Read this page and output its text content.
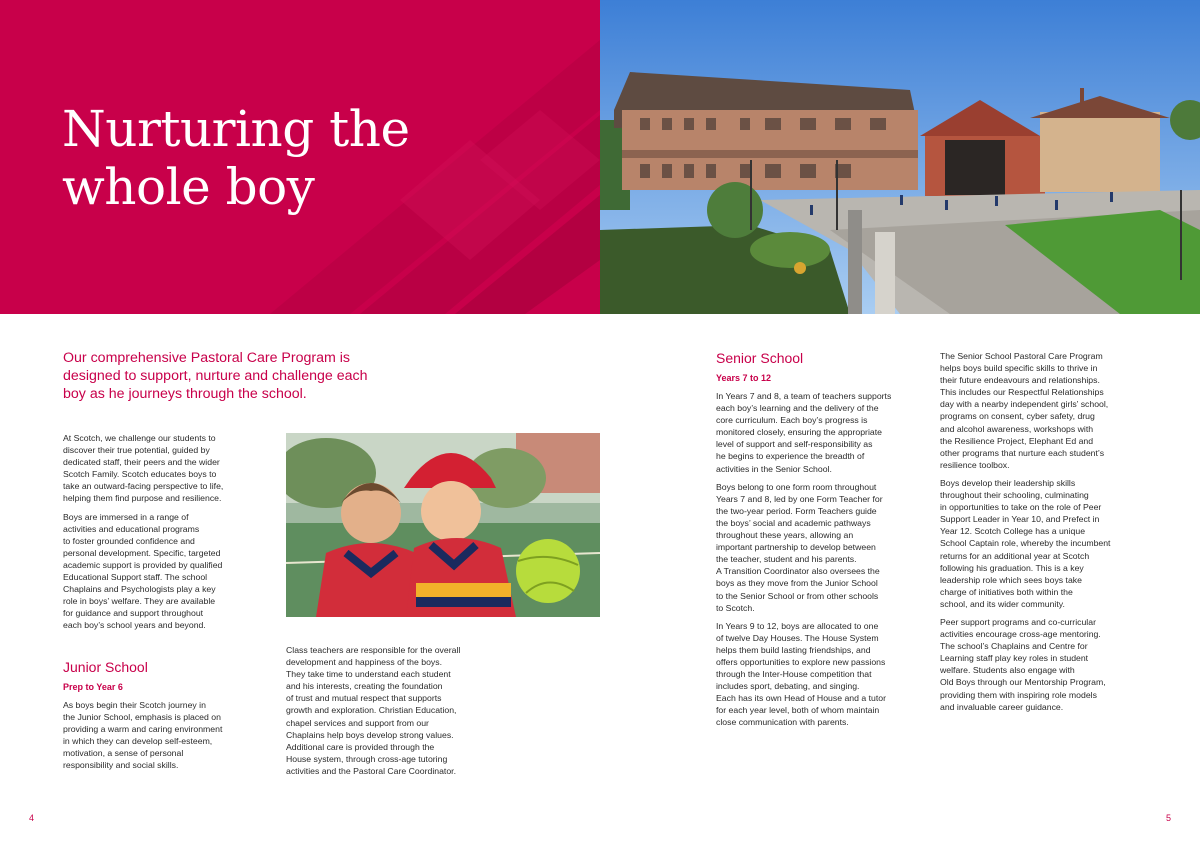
Nurturing the
whole boy
Our comprehensive Pastoral Care Program is designed to support, nurture and challenge each boy as he journeys through the school.

At Scotch, we challenge our students to
discover their true potential, guided by
dedicated staff, their peers and the wider
Scotch Family. Scotch educates boys to
take an outward-facing perspective to life,
helping them find purpose and resilience.

Boys are immersed in a range of
activities and educational programs
to foster grounded confidence and
personal development. Specific, targeted
academic support is provided by qualified
Educational Support staff. The school
Chaplains and Psychologists play a key
role in boys’ welfare. They are available
for guidance and support throughout
each boy’s school years and beyond.

Junior School
Prep to Year 6

As boys begin their Scotch journey in
the Junior School, emphasis is placed on
providing a warm and caring environment
in which they can develop self-esteem,
motivation, a sense of personal
responsibility and social skills.

Class teachers are responsible for the overall
development and happiness of the boys.
They take time to understand each student
and his interests, creating the foundation
of trust and mutual respect that supports
growth and exploration. Christian Education,
chapel services and support from our
Chaplains help boys develop strong values.
Additional care is provided through the
House system, through cross-age tutoring
activities and the Pastoral Care Coordinator.

Senior School
Years 7 to 12

In Years 7 and 8, a team of teachers supports
each boy’s learning and the delivery of the
core curriculum. Each boy’s progress is
monitored closely, ensuring the appropriate
level of support and self-responsibility as
he begins to experience the breadth of
activities in the Senior School.

Boys belong to one form room throughout
Years 7 and 8, led by one Form Teacher for
the two-year period. Form Teachers guide
the boys’ social and academic pathways
throughout these years, allowing an
important partnership to develop between
the teacher, student and his parents.
A Transition Coordinator also oversees the
boys as they move from the Junior School
to the Senior School or from other schools
to Scotch.

In Years 9 to 12, boys are allocated to one
of twelve Day Houses. The House System
helps them build lasting friendships, and
offers opportunities to explore new passions
through the Inter-House competition that
includes sport, debating, and singing.
Each has its own Head of House and a tutor
for each year level, both of whom maintain
close communication with parents.

The Senior School Pastoral Care Program
helps boys build specific skills to thrive in
their future endeavours and relationships.
This includes our Respectful Relationships
day with a nearby independent girls’ school,
programs on consent, cyber safety, drug
and alcohol awareness, workshops with
the Resilience Project, Elephant Ed and
other programs that nurture each student’s
resilience toolbox.

Boys develop their leadership skills
throughout their schooling, culminating
in opportunities to take on the role of Peer
Support Leader in Year 10, and Prefect in
Year 12. Scotch College has a unique
School Captain role, whereby the incumbent
returns for an additional year at Scotch
following his graduation. This is a key
leadership role which sees boys take
charge of initiatives both within the
school, and its wider community.

Peer support programs and co-curricular
activities encourage cross-age mentoring.
The school’s Chaplains and Centre for
Learning staff play key roles in student
welfare. Students also engage with
Old Boys through our Mentorship Program,
providing them with inspiring role models
and invaluable career guidance.

4	5
